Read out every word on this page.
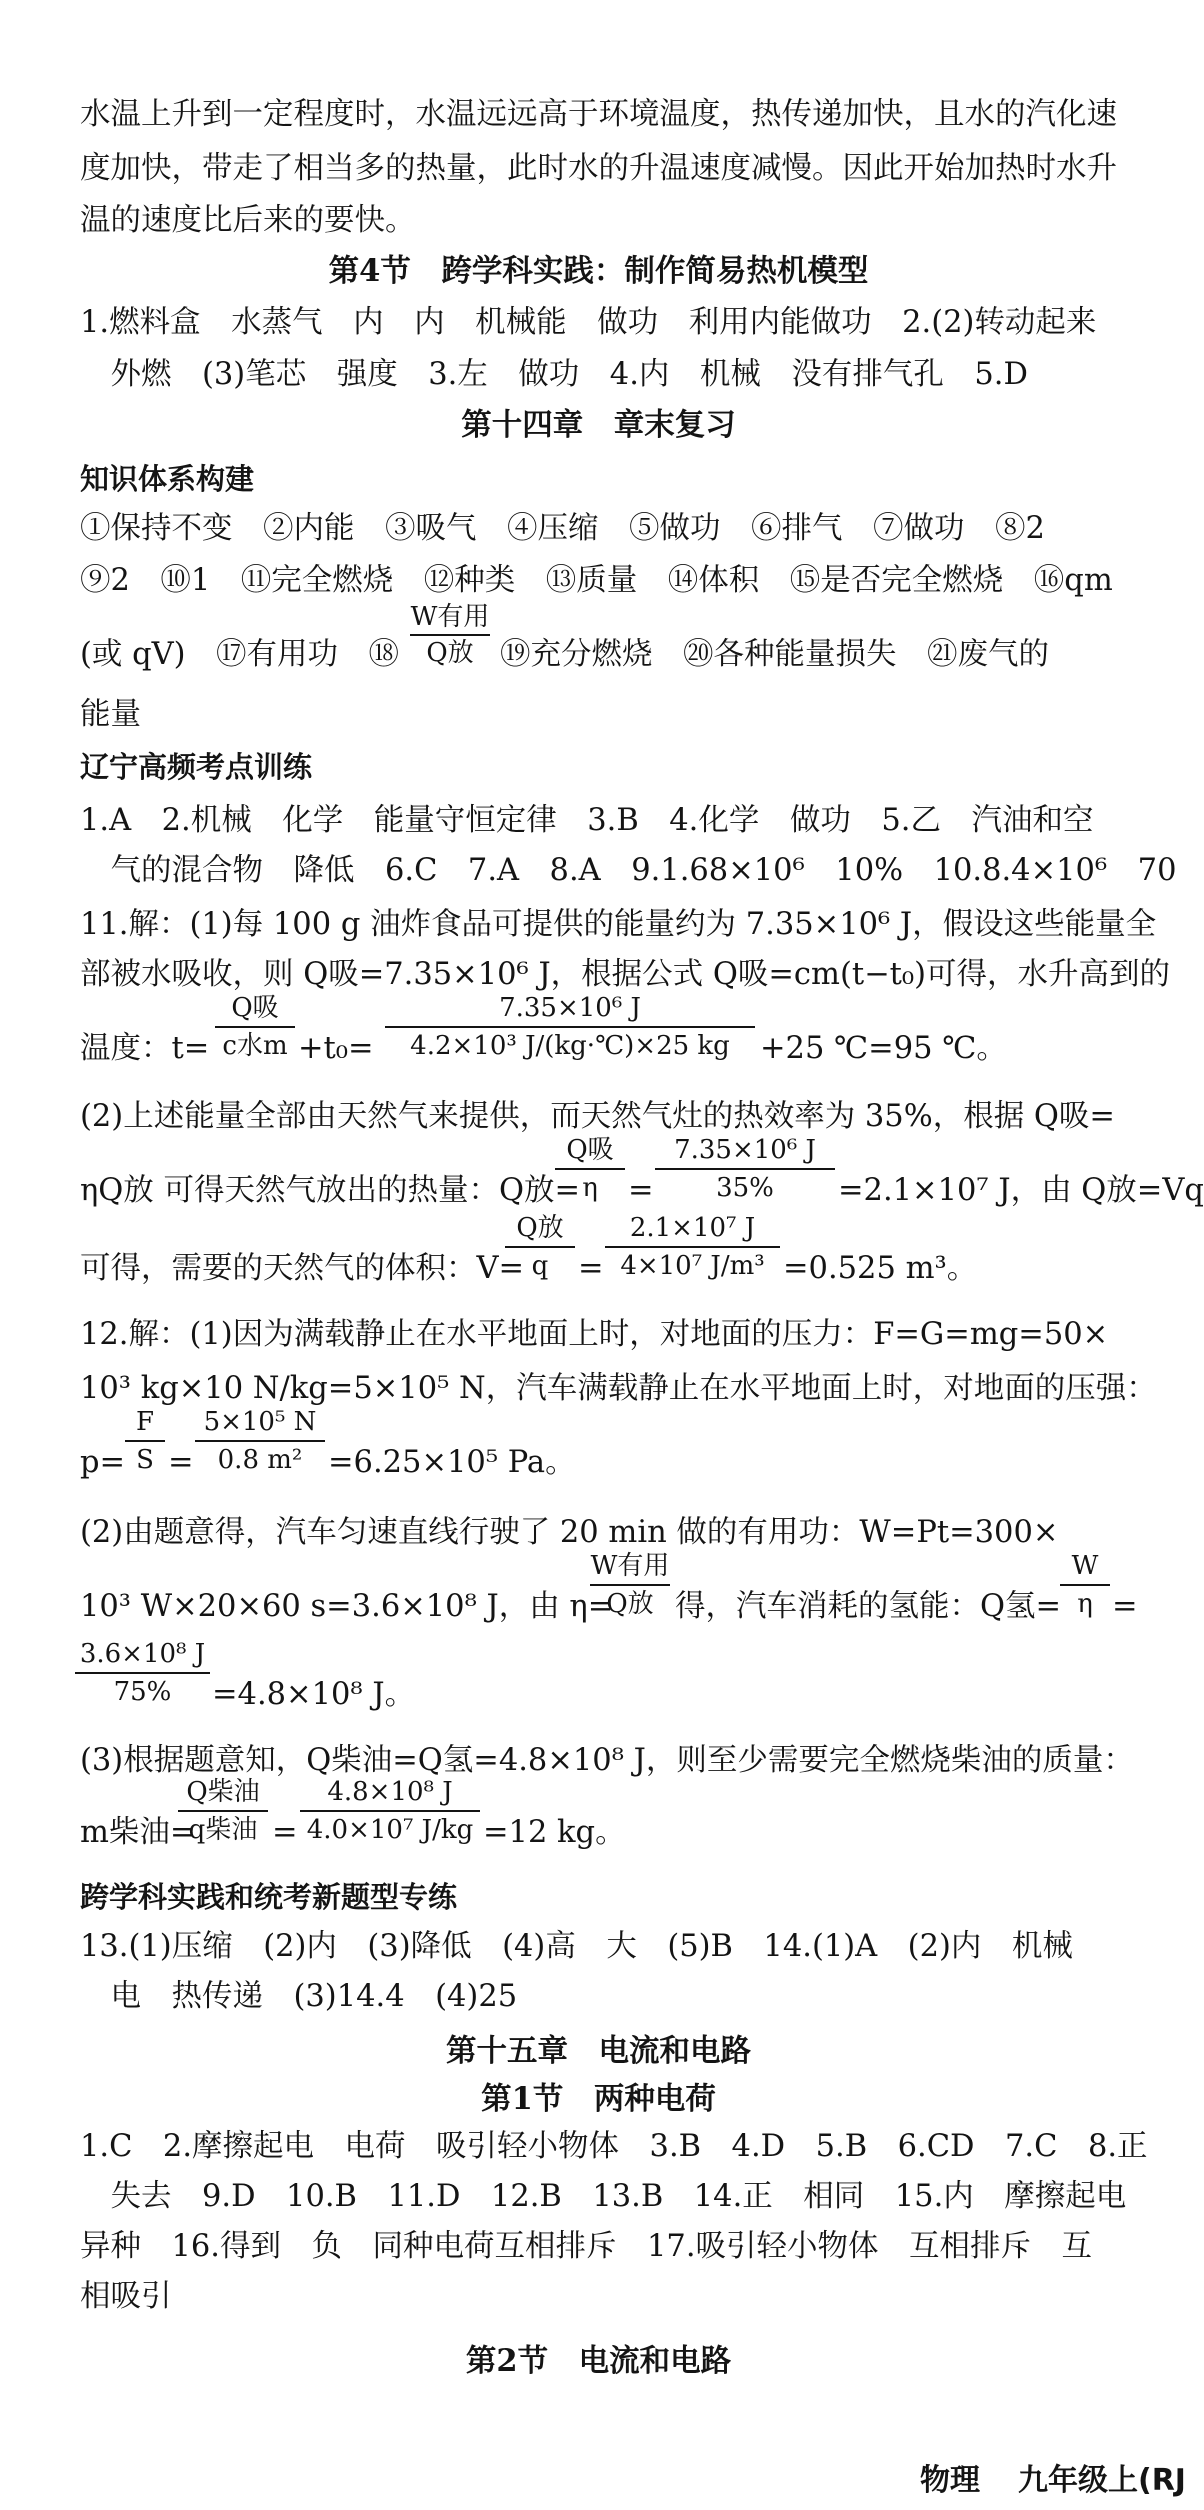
水温上升到一定程度时，水温远远高于环境温度，热传递加快，且水的汽化速
度加快，带走了相当多的热量，此时水的升温速度减慢。因此开始加热时水升
温的速度比后来的要快。
第4节　跨学科实践：制作简易热机模型
1.燃料盒　水蒸气　内　内　机械能　做功　利用内能做功　2.(2)转动起来
　外燃　(3)笔芯　强度　3.左　做功　4.内　机械　没有排气孔　5.D
第十四章　章末复习
知识体系构建
①保持不变　②内能　③吸气　④压缩　⑤做功　⑥排气　⑦做功　⑧2
⑨2　⑩1　⑪完全燃烧　⑫种类　⑬质量　⑭体积　⑮是否完全燃烧　⑯qm
(或 qV)　⑰有用功　⑱
W有用
Q放 ⑲充分燃烧　⑳各种能量损失　㉑废气的
能量
辽宁高频考点训练
1.A　2.机械　化学　能量守恒定律　3.B　4.化学　做功　5.乙　汽油和空
　气的混合物　降低　6.C　7.A　8.A　9.1.68×10⁶　10%　10.8.4×10⁶　70
11.解：(1)每 100 g 油炸食品可提供的能量约为 7.35×10⁶ J，假设这些能量全
部被水吸收，则 Q吸=7.35×10⁶ J，根据公式 Q吸=cm(t−t₀)可得，水升高到的
温度：t=
Q吸
c水$m +t_0= \frac{\text{7.35×10⁶ J}}{\text{4.2×10³ J/(kg·℃)×25 kg}} +25$ ℃=95 ℃。
(2)上述能量全部由天然气来提供，而天然气灶的热效率为 35%，根据 Q吸=
ηQ放 可得天然气放出的热量：Q放=
Q吸
$\eta = \frac{\text{7.35×10⁶ J}}{35\%} =2.1\times 10^7$ J，由 Q放=Vq
可得，需要的天然气的体积：V=
Q放
$q = \frac{\text{2.1×10⁷ J}}{\text{4×10⁷ J/m³}} =0.525$ m³。
12.解：(1)因为满载静止在水平地面上时，对地面的压力：F=G=mg=50×
10³ kg×10 N/kg=5×10⁵ N，汽车满载静止在水平地面上时，对地面的压强：
$p= \frac{F}{S} = \frac{\text{5×10⁵ N}}{\text{0.8 m²}} =6.25\times 10^5$ Pa。
(2)由题意得，汽车匀速直线行驶了 20 min 做的有用功：W=Pt=300×
10³ W×20×60 s=3.6×10⁸ J，由 η=
W有用
Q放 得，汽车消耗的氢能：Q氢=
$\frac{W}{\eta}$ =
$\frac{\text{3.6×10⁸ J}}{75\%} =4.8\times 10^8$ J。
(3)根据题意知，Q柴油=Q氢=4.8×10⁸ J，则至少需要完全燃烧柴油的质量：
m柴油=
Q柴油
q柴油 = $\frac{\text{4.8×10⁸ J}}{\text{4.0×10⁷ J/kg}} =12$ kg。
跨学科实践和统考新题型专练
13.(1)压缩　(2)内　(3)降低　(4)高　大　(5)B　14.(1)A　(2)内　机械
　电　热传递　(3)14.4　(4)25
第十五章　电流和电路
第1节　两种电荷
1.C　2.摩擦起电　电荷　吸引轻小物体　3.B　4.D　5.B　6.CD　7.C　8.正
　失去　9.D　10.B　11.D　12.B　13.B　14.正　相同　15.内　摩擦起电
异种　16.得到　负　同种电荷互相排斥　17.吸引轻小物体　互相排斥　互
相吸引
第2节　电流和电路
物理 九年级上(RJ
